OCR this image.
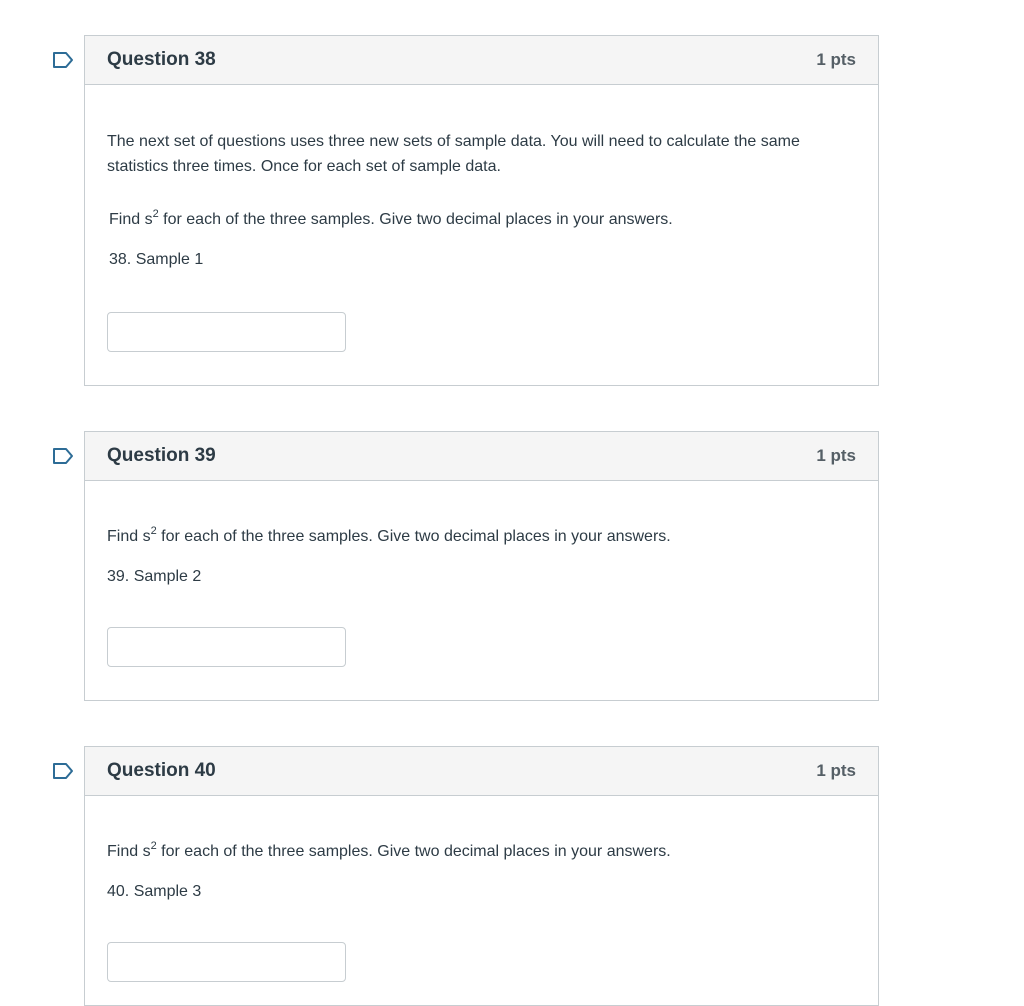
Question 38	1 pts

The next set of questions uses three new sets of sample data. You will need to calculate the same

statistics three times. Once for each set of sample data.

Find $s^2$ for each of the three samples. Give two decimal places in your answers.

38. Sample 1

Question 39	1 pts

Find $s^2$ for each of the three samples. Give two decimal places in your answers.

39. Sample 2

Question 40	1 pts

Find $s^2$ for each of the three samples. Give two decimal places in your answers.

40. Sample 3
